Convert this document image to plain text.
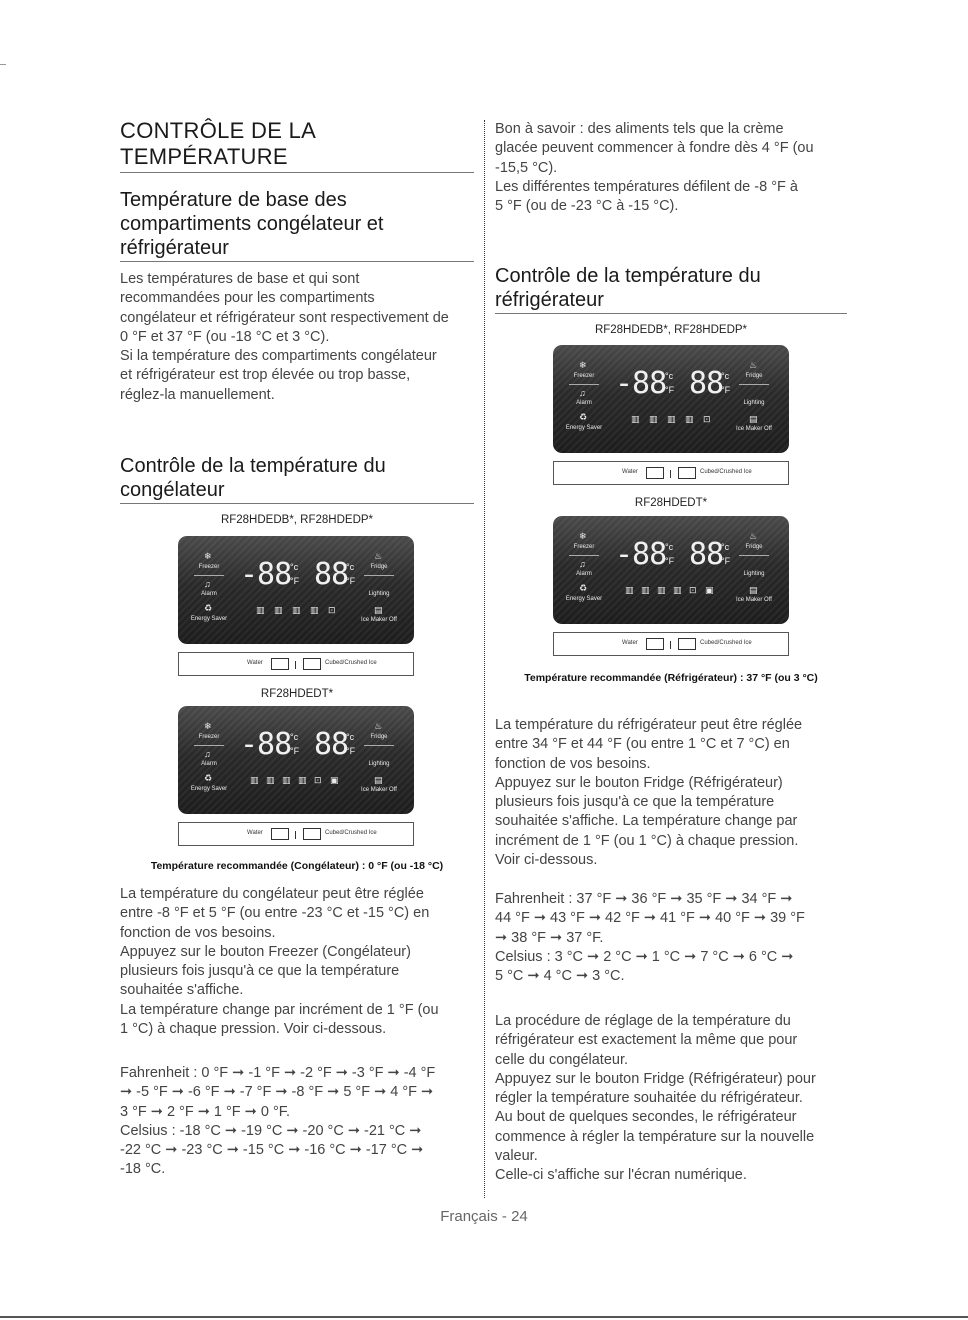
CONTRÔLE DE LA
TEMPÉRATURE
Température de base des compartiments congélateur et réfrigérateur
Les températures de base et qui sont
recommandées pour les compartiments
congélateur et réfrigérateur sont respectivement de
0 °F et 37 °F (ou -18 °C et 3 °C).
Si la température des compartiments congélateur
et réfrigérateur est trop élevée ou trop basse,
réglez-la manuellement.
Contrôle de la température du congélateur
RF28HDEDB*, RF28HDEDP*
❄
Freezer
♫
Alarm
♻
Energy Saver
-88
°c
°F 88
°c
°F
♨
Fridge
Lighting
▤
Ice Maker Off
▥ ▥ ▥ ▥ ⊡
Water	Cubed/Crushed Ice
RF28HDEDT*
❄
Freezer
♫
Alarm
♻
Energy Saver
-88
°c
°F 88
°c
°F
♨
Fridge
Lighting
▤
Ice Maker Off
▥ ▥ ▥ ▥ ⊡ ▣
Water	Cubed/Crushed Ice
Température recommandée (Congélateur) : 0 °F (ou -18 °C)
La température du congélateur peut être réglée
entre -8 °F et 5 °F (ou entre -23 °C et -15 °C) en
fonction de vos besoins.
Appuyez sur le bouton Freezer (Congélateur)
plusieurs fois jusqu'à ce que la température
souhaitée s'affiche.
La température change par incrément de 1 °F (ou
1 °C) à chaque pression. Voir ci-dessous.
Fahrenheit : 0 °F ➞ -1 °F ➞ -2 °F ➞ -3 °F ➞ -4 °F
➞ -5 °F ➞ -6 °F ➞ -7 °F ➞ -8 °F ➞ 5 °F ➞ 4 °F ➞
3 °F ➞ 2 °F ➞ 1 °F ➞ 0 °F.
Celsius : -18 °C ➞ -19 °C ➞ -20 °C ➞ -21 °C ➞
-22 °C ➞ -23 °C ➞ -15 °C ➞ -16 °C ➞ -17 °C ➞
-18 °C.
Bon à savoir : des aliments tels que la crème
glacée peuvent commencer à fondre dès 4 °F (ou
-15,5 °C).
Les différentes températures défilent de -8 °F à
5 °F (ou de -23 °C à -15 °C).
Contrôle de la température du réfrigérateur
RF28HDEDB*, RF28HDEDP*
❄
Freezer
♫
Alarm
♻
Energy Saver
-88
°c
°F 88
°c
°F
♨
Fridge
Lighting
▤
Ice Maker Off
▥ ▥ ▥ ▥ ⊡
Water	Cubed/Crushed Ice
RF28HDEDT*
❄
Freezer
♫
Alarm
♻
Energy Saver
-88
°c
°F 88
°c
°F
♨
Fridge
Lighting
▤
Ice Maker Off
▥ ▥ ▥ ▥ ⊡ ▣
Water	Cubed/Crushed Ice
Température recommandée (Réfrigérateur) : 37 °F (ou 3 °C)
La température du réfrigérateur peut être réglée
entre 34 °F et 44 °F (ou entre 1 °C et 7 °C) en
fonction de vos besoins.
Appuyez sur le bouton Fridge (Réfrigérateur)
plusieurs fois jusqu'à ce que la température
souhaitée s'affiche. La température change par
incrément de 1 °F (ou 1 °C) à chaque pression.
Voir ci-dessous.
Fahrenheit : 37 °F ➞ 36 °F ➞ 35 °F ➞ 34 °F ➞
44 °F ➞ 43 °F ➞ 42 °F ➞ 41 °F ➞ 40 °F ➞ 39 °F
➞ 38 °F ➞ 37 °F.
Celsius : 3 °C ➞ 2 °C ➞ 1 °C ➞ 7 °C ➞ 6 °C ➞
5 °C ➞ 4 °C ➞ 3 °C.
La procédure de réglage de la température du
réfrigérateur est exactement la même que pour
celle du congélateur.
Appuyez sur le bouton Fridge (Réfrigérateur) pour
régler la température souhaitée du réfrigérateur.
Au bout de quelques secondes, le réfrigérateur
commence à régler la température sur la nouvelle
valeur.
Celle-ci s'affiche sur l'écran numérique.
Français - 24
